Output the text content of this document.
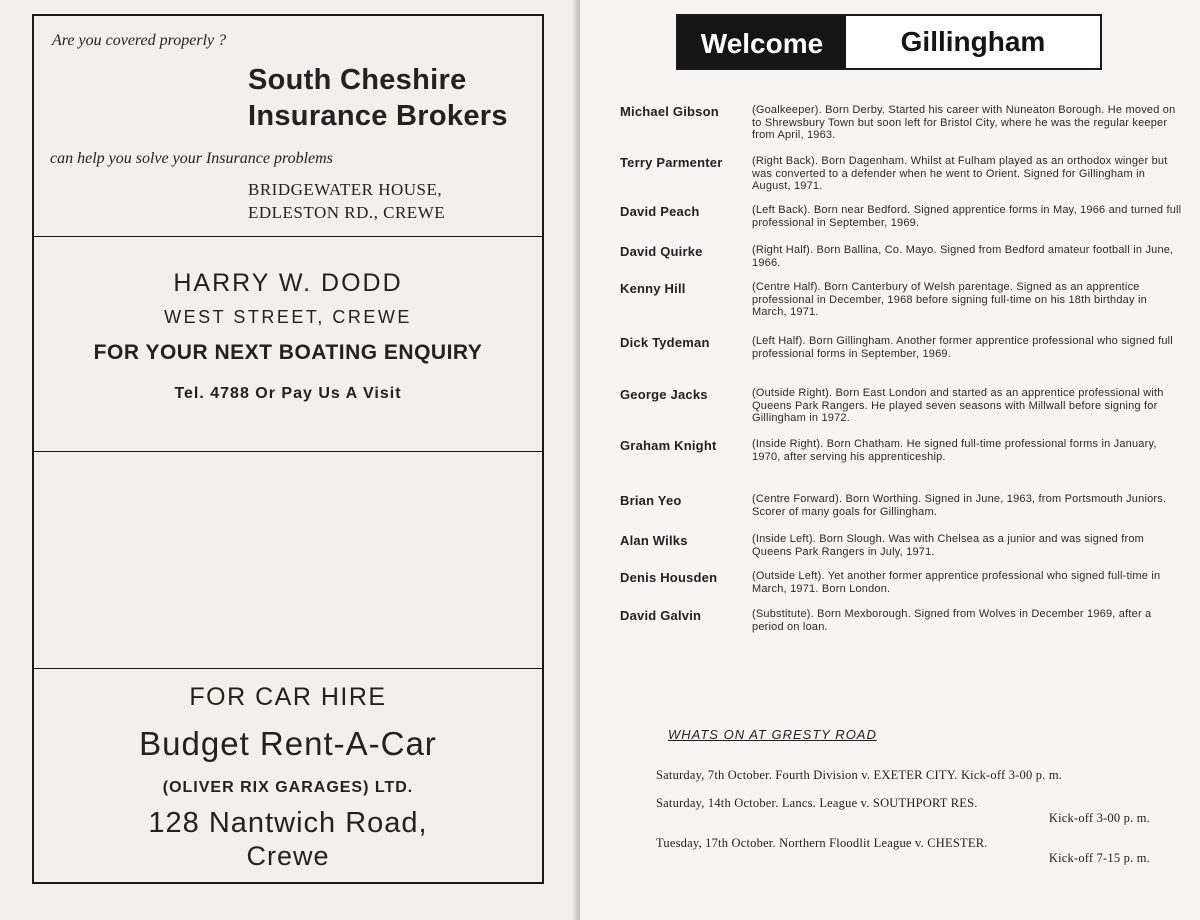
Are you covered properly ?
South Cheshire
Insurance Brokers
can help you solve your Insurance problems
BRIDGEWATER HOUSE,
EDLESTON RD., CREWE
HARRY W. DODD
WEST STREET, CREWE
FOR YOUR NEXT BOATING ENQUIRY
Tel. 4788 Or Pay Us A Visit
FOR CAR HIRE
Budget Rent-A-Car
(OLIVER RIX GARAGES) LTD.
128 Nantwich Road,
Crewe
Welcome	Gillingham
Michael Gibson	(Goalkeeper). Born Derby. Started his career with Nuneaton Borough. He moved on to Shrewsbury Town but soon left for Bristol City, where he was the regular keeper from April, 1963.
Terry Parmenter	(Right Back). Born Dagenham. Whilst at Fulham played as an orthodox winger but was converted to a defender when he went to Orient. Signed for Gillingham in August, 1971.
David Peach	(Left Back). Born near Bedford. Signed apprentice forms in May, 1966 and turned full professional in September, 1969.
David Quirke	(Right Half). Born Ballina, Co. Mayo. Signed from Bedford amateur football in June, 1966.
Kenny Hill	(Centre Half). Born Canterbury of Welsh parentage. Signed as an apprentice professional in December, 1968 before signing full-time on his 18th birthday in March, 1971.
Dick Tydeman	(Left Half). Born Gillingham. Another former apprentice professional who signed full professional forms in September, 1969.
George Jacks	(Outside Right). Born East London and started as an apprentice professional with Queens Park Rangers. He played seven seasons with Millwall before signing for Gillingham in 1972.
Graham Knight	(Inside Right). Born Chatham. He signed full-time professional forms in January, 1970, after serving his apprenticeship.
Brian Yeo	(Centre Forward). Born Worthing. Signed in June, 1963, from Portsmouth Juniors. Scorer of many goals for Gillingham.
Alan Wilks	(Inside Left). Born Slough. Was with Chelsea as a junior and was signed from Queens Park Rangers in July, 1971.
Denis Housden	(Outside Left). Yet another former apprentice professional who signed full-time in March, 1971. Born London.
David Galvin	(Substitute). Born Mexborough. Signed from Wolves in December 1969, after a period on loan.
WHATS ON AT GRESTY ROAD
Saturday, 7th October. Fourth Division v. EXETER CITY. Kick-off 3-00 p. m.
Saturday, 14th October. Lancs. League v. SOUTHPORT RES.
Kick-off 3-00 p. m.
Tuesday, 17th October. Northern Floodlit League v. CHESTER.
Kick-off 7-15 p. m.
